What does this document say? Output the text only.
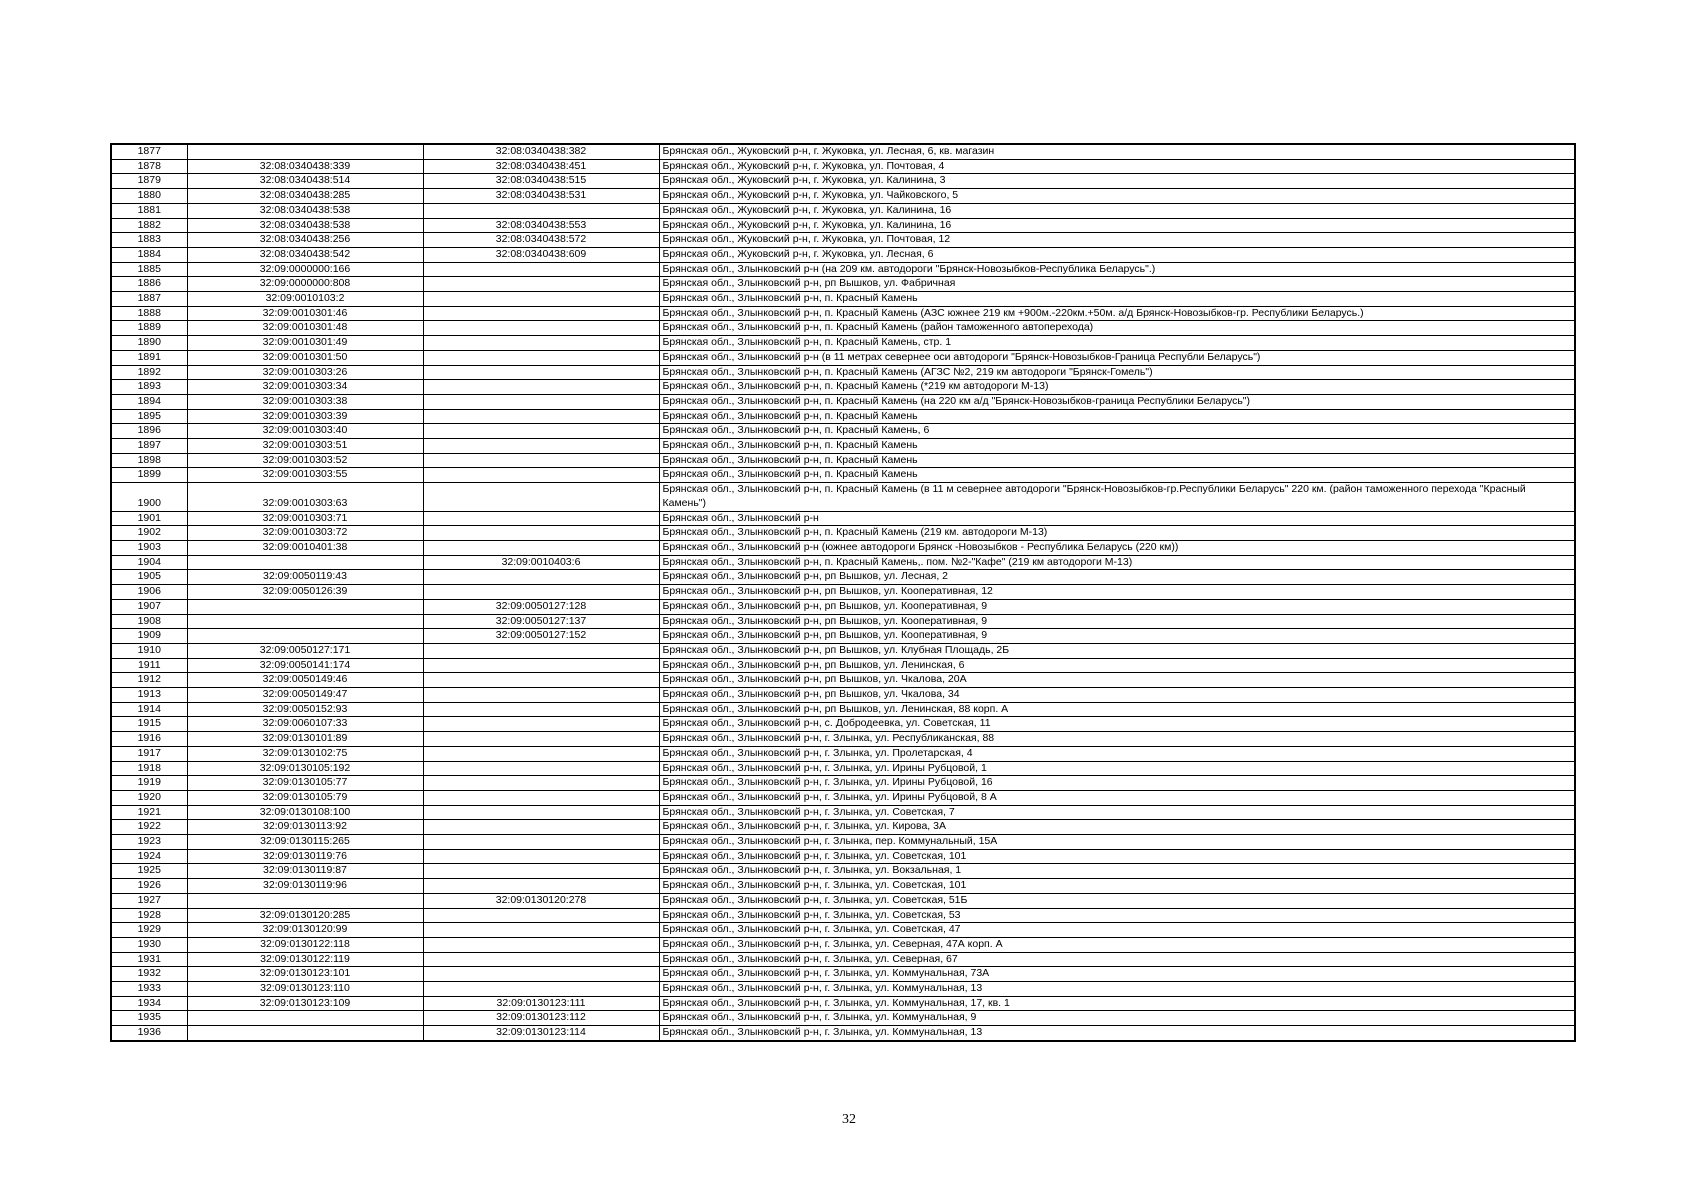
1877		32:08:0340438:382	Брянская обл., Жуковский р-н, г. Жуковка, ул. Лесная, 6, кв. магазин
1878	32:08:0340438:339	32:08:0340438:451	Брянская обл., Жуковский р-н, г. Жуковка, ул. Почтовая, 4
1879	32:08:0340438:514	32:08:0340438:515	Брянская обл., Жуковский р-н, г. Жуковка, ул. Калинина, 3
1880	32:08:0340438:285	32:08:0340438:531	Брянская обл., Жуковский р-н, г. Жуковка, ул. Чайковского, 5
1881	32:08:0340438:538		Брянская обл., Жуковский р-н, г. Жуковка, ул. Калинина, 16
1882	32:08:0340438:538	32:08:0340438:553	Брянская обл., Жуковский р-н, г. Жуковка, ул. Калинина, 16
1883	32:08:0340438:256	32:08:0340438:572	Брянская обл., Жуковский р-н, г. Жуковка, ул. Почтовая, 12
1884	32:08:0340438:542	32:08:0340438:609	Брянская обл., Жуковский р-н, г. Жуковка, ул. Лесная, 6
1885	32:09:0000000:166		Брянская обл., Злынковский р-н (на 209 км. автодороги "Брянск-Новозыбков-Республика Беларусь".)
1886	32:09:0000000:808		Брянская обл., Злынковский р-н, рп Вышков, ул. Фабричная
1887	32:09:0010103:2		Брянская обл., Злынковский р-н, п. Красный Камень
1888	32:09:0010301:46		Брянская обл., Злынковский р-н, п. Красный Камень (АЗС южнее 219 км +900м.-220км.+50м. а/д Брянск-Новозыбков-гр. Республики Беларусь.)
1889	32:09:0010301:48		Брянская обл., Злынковский р-н, п. Красный Камень (район таможенного автоперехода)
1890	32:09:0010301:49		Брянская обл., Злынковский р-н, п. Красный Камень, стр. 1
1891	32:09:0010301:50		Брянская обл., Злынковский р-н (в 11 метрах севернее оси автодороги "Брянск-Новозыбков-Граница Республи Беларусь")
1892	32:09:0010303:26		Брянская обл., Злынковский р-н, п. Красный Камень (АГЗС №2, 219 км автодороги "Брянск-Гомель")
1893	32:09:0010303:34		Брянская обл., Злынковский р-н, п. Красный Камень (*219 км автодороги М-13)
1894	32:09:0010303:38		Брянская обл., Злынковский р-н, п. Красный Камень (на 220 км а/д "Брянск-Новозыбков-граница Республики Беларусь")
1895	32:09:0010303:39		Брянская обл., Злынковский р-н, п. Красный Камень
1896	32:09:0010303:40		Брянская обл., Злынковский р-н, п. Красный Камень, 6
1897	32:09:0010303:51		Брянская обл., Злынковский р-н, п. Красный Камень
1898	32:09:0010303:52		Брянская обл., Злынковский р-н, п. Красный Камень
1899	32:09:0010303:55		Брянская обл., Злынковский р-н, п. Красный Камень
1900	32:09:0010303:63		Брянская обл., Злынковский р-н, п. Красный Камень (в 11 м севернее автодороги "Брянск-Новозыбков-гр.Республики Беларусь" 220 км. (район таможенного перехода "Красный Камень")
1901	32:09:0010303:71		Брянская обл., Злынковский р-н
1902	32:09:0010303:72		Брянская обл., Злынковский р-н, п. Красный Камень (219 км. автодороги М-13)
1903	32:09:0010401:38		Брянская обл., Злынковский р-н (южнее автодороги Брянск -Новозыбков - Республика Беларусь (220 км))
1904		32:09:0010403:6	Брянская обл., Злынковский р-н, п. Красный Камень,. пом. №2-"Кафе" (219 км автодороги М-13)
1905	32:09:0050119:43		Брянская обл., Злынковский р-н, рп Вышков, ул. Лесная, 2
1906	32:09:0050126:39		Брянская обл., Злынковский р-н, рп Вышков, ул. Кооперативная, 12
1907		32:09:0050127:128	Брянская обл., Злынковский р-н, рп Вышков, ул. Кооперативная, 9
1908		32:09:0050127:137	Брянская обл., Злынковский р-н, рп Вышков, ул. Кооперативная, 9
1909		32:09:0050127:152	Брянская обл., Злынковский р-н, рп Вышков, ул. Кооперативная, 9
1910	32:09:0050127:171		Брянская обл., Злынковский р-н, рп Вышков, ул. Клубная Площадь, 2Б
1911	32:09:0050141:174		Брянская обл., Злынковский р-н, рп Вышков, ул. Ленинская, 6
1912	32:09:0050149:46		Брянская обл., Злынковский р-н, рп Вышков, ул. Чкалова, 20А
1913	32:09:0050149:47		Брянская обл., Злынковский р-н, рп Вышков, ул. Чкалова, 34
1914	32:09:0050152:93		Брянская обл., Злынковский р-н, рп Вышков, ул. Ленинская, 88 корп. А
1915	32:09:0060107:33		Брянская обл., Злынковский р-н, с. Добродеевка, ул. Советская, 11
1916	32:09:0130101:89		Брянская обл., Злынковский р-н, г. Злынка, ул. Республиканская, 88
1917	32:09:0130102:75		Брянская обл., Злынковский р-н, г. Злынка, ул. Пролетарская, 4
1918	32:09:0130105:192		Брянская обл., Злынковский р-н, г. Злынка, ул. Ирины Рубцовой, 1
1919	32:09:0130105:77		Брянская обл., Злынковский р-н, г. Злынка, ул. Ирины Рубцовой, 16
1920	32:09:0130105:79		Брянская обл., Злынковский р-н, г. Злынка, ул. Ирины Рубцовой, 8 А
1921	32:09:0130108:100		Брянская обл., Злынковский р-н, г. Злынка, ул. Советская, 7
1922	32:09:0130113:92		Брянская обл., Злынковский р-н, г. Злынка, ул. Кирова, 3А
1923	32:09:0130115:265		Брянская обл., Злынковский р-н, г. Злынка, пер. Коммунальный, 15А
1924	32:09:0130119:76		Брянская обл., Злынковский р-н, г. Злынка, ул. Советская, 101
1925	32:09:0130119:87		Брянская обл., Злынковский р-н, г. Злынка, ул. Вокзальная, 1
1926	32:09:0130119:96		Брянская обл., Злынковский р-н, г. Злынка, ул. Советская, 101
1927		32:09:0130120:278	Брянская обл., Злынковский р-н, г. Злынка, ул. Советская, 51Б
1928	32:09:0130120:285		Брянская обл., Злынковский р-н, г. Злынка, ул. Советская, 53
1929	32:09:0130120:99		Брянская обл., Злынковский р-н, г. Злынка, ул. Советская, 47
1930	32:09:0130122:118		Брянская обл., Злынковский р-н, г. Злынка, ул. Северная, 47А корп. А
1931	32:09:0130122:119		Брянская обл., Злынковский р-н, г. Злынка, ул. Северная, 67
1932	32:09:0130123:101		Брянская обл., Злынковский р-н, г. Злынка, ул. Коммунальная, 73А
1933	32:09:0130123:110		Брянская обл., Злынковский р-н, г. Злынка, ул. Коммунальная, 13
1934	32:09:0130123:109	32:09:0130123:111	Брянская обл., Злынковский р-н, г. Злынка, ул. Коммунальная, 17, кв. 1
1935		32:09:0130123:112	Брянская обл., Злынковский р-н, г. Злынка, ул. Коммунальная, 9
1936		32:09:0130123:114	Брянская обл., Злынковский р-н, г. Злынка, ул. Коммунальная, 13
32
